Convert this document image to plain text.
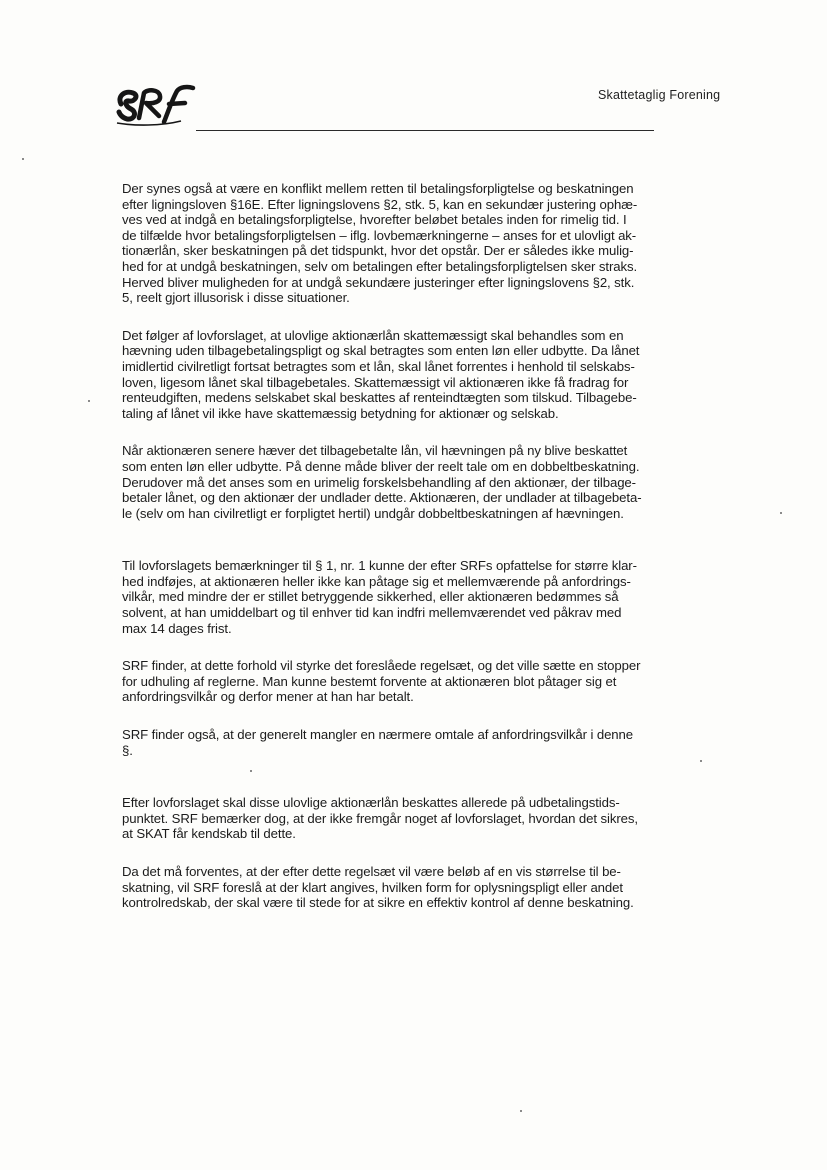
Skattetaglig Forening
Der synes også at være en konflikt mellem retten til betalingsforpligtelse og beskatningen
efter ligningsloven §16E. Efter ligningslovens §2, stk. 5, kan en sekundær justering ophæ-
ves ved at indgå en betalingsforpligtelse, hvorefter beløbet betales inden for rimelig tid. I
de tilfælde hvor betalingsforpligtelsen – iflg. lovbemærkningerne – anses for et ulovligt ak-
tionærlån, sker beskatningen på det tidspunkt, hvor det opstår. Der er således ikke mulig-
hed for at undgå beskatningen, selv om betalingen efter betalingsforpligtelsen sker straks.
Herved bliver muligheden for at undgå sekundære justeringer efter ligningslovens §2, stk.
5, reelt gjort illusorisk i disse situationer.
Det følger af lovforslaget, at ulovlige aktionærlån skattemæssigt skal behandles som en
hævning uden tilbagebetalingspligt og skal betragtes som enten løn eller udbytte. Da lånet
imidlertid civilretligt fortsat betragtes som et lån, skal lånet forrentes i henhold til selskabs-
loven, ligesom lånet skal tilbagebetales. Skattemæssigt vil aktionæren ikke få fradrag for
renteudgiften, medens selskabet skal beskattes af renteindtægten som tilskud. Tilbagebe-
taling af lånet vil ikke have skattemæssig betydning for aktionær og selskab.
Når aktionæren senere hæver det tilbagebetalte lån, vil hævningen på ny blive beskattet
som enten løn eller udbytte. På denne måde bliver der reelt tale om en dobbeltbeskatning.
Derudover må det anses som en urimelig forskelsbehandling af den aktionær, der tilbage-
betaler lånet, og den aktionær der undlader dette. Aktionæren, der undlader at tilbagebeta-
le (selv om han civilretligt er forpligtet hertil) undgår dobbeltbeskatningen af hævningen.
Til lovforslagets bemærkninger til § 1, nr. 1 kunne der efter SRFs opfattelse for større klar-
hed indføjes, at aktionæren heller ikke kan påtage sig et mellemværende på anfordrings-
vilkår, med mindre der er stillet betryggende sikkerhed, eller aktionæren bedømmes så
solvent, at han umiddelbart og til enhver tid kan indfri mellemværendet ved påkrav med
max 14 dages frist.
SRF finder, at dette forhold vil styrke det foreslåede regelsæt, og det ville sætte en stopper
for udhuling af reglerne. Man kunne bestemt forvente at aktionæren blot påtager sig et
anfordringsvilkår og derfor mener at han har betalt.
SRF finder også, at der generelt mangler en nærmere omtale af anfordringsvilkår i denne
§.
Efter lovforslaget skal disse ulovlige aktionærlån beskattes allerede på udbetalingstids-
punktet. SRF bemærker dog, at der ikke fremgår noget af lovforslaget, hvordan det sikres,
at SKAT får kendskab til dette.
Da det må forventes, at der efter dette regelsæt vil være beløb af en vis størrelse til be-
skatning, vil SRF foreslå at der klart angives, hvilken form for oplysningspligt eller andet
kontrolredskab, der skal være til stede for at sikre en effektiv kontrol af denne beskatning.
